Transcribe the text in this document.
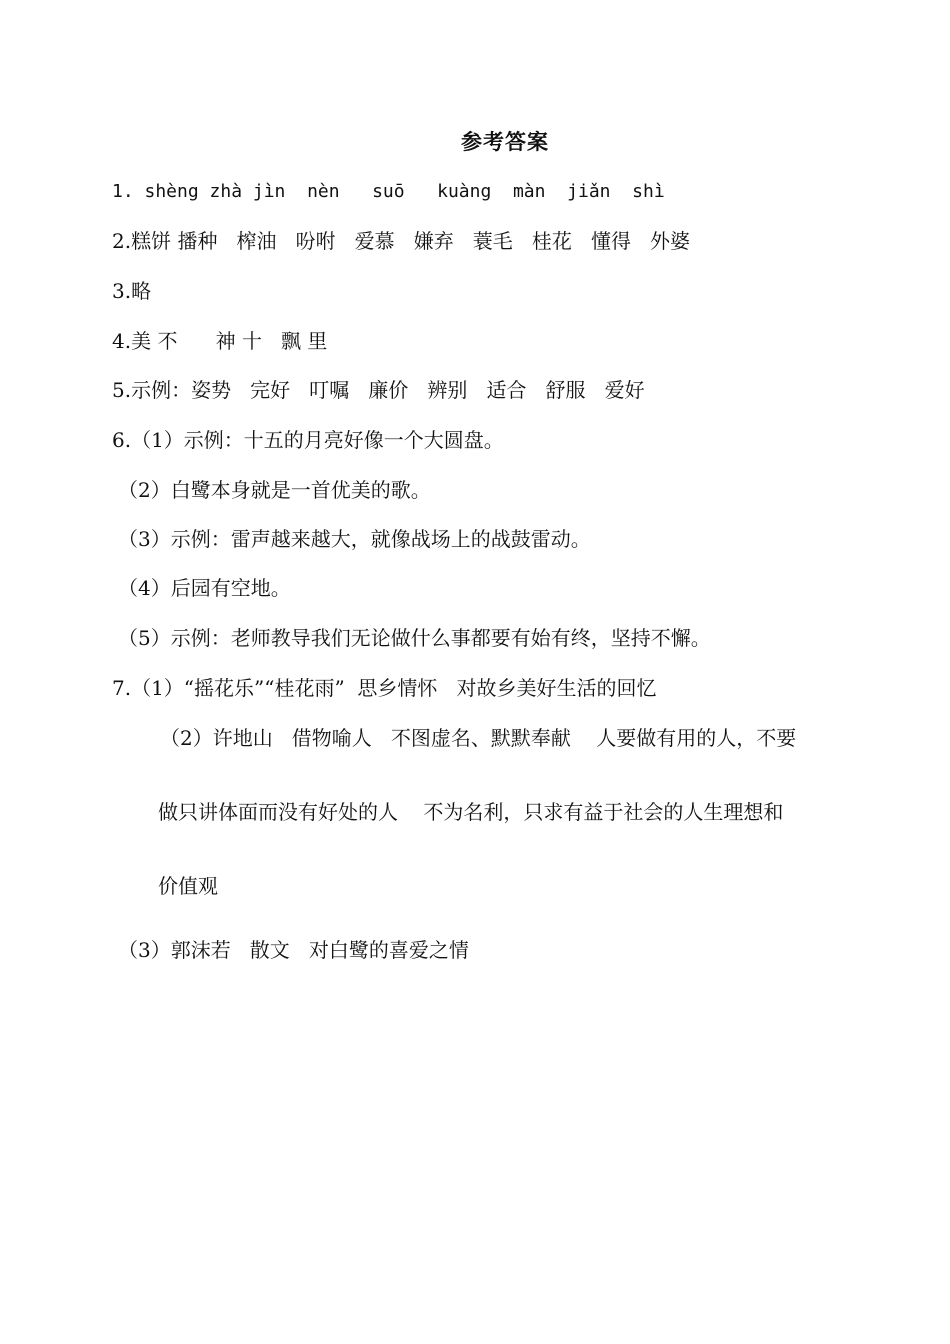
参考答案
1. shèng zhà jìn  nèn   suō   kuàng  màn  jiǎn  shì
2.糕饼 播种   榨油   吩咐   爱慕   嫌弃   蓑毛   桂花   懂得   外婆
3.略
4.美 不      神 十   飘 里
5.示例：姿势   完好   叮嘱   廉价   辨别   适合   舒服   爱好
6.（1）示例：十五的月亮好像一个大圆盘。
（2）白鹭本身就是一首优美的歌。
（3）示例：雷声越来越大，就像战场上的战鼓雷动。
（4）后园有空地。
（5）示例：老师教导我们无论做什么事都要有始有终，坚持不懈。
7.（1）“摇花乐”“桂花雨”  思乡情怀   对故乡美好生活的回忆
（2）许地山   借物喻人   不图虚名、默默奉献    人要做有用的人，不要
做只讲体面而没有好处的人    不为名利，只求有益于社会的人生理想和
价值观
（3）郭沫若   散文   对白鹭的喜爱之情
